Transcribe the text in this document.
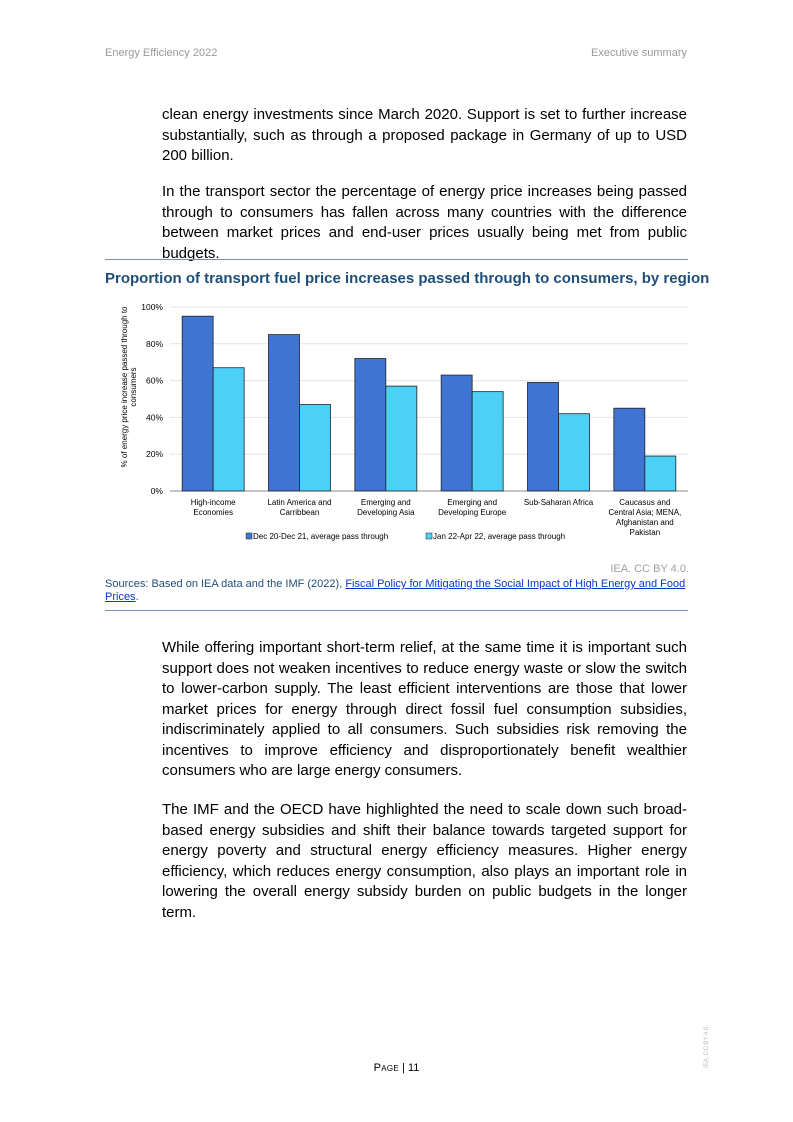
Energy Efficiency 2022	Executive summary

clean energy investments since March 2020. Support is set to further increase substantially, such as through a proposed package in Germany of up to USD 200 billion.

In the transport sector the percentage of energy price increases being passed through to consumers has fallen across many countries with the difference between market prices and end-user prices usually being met from public budgets.

Proportion of transport fuel price increases passed through to consumers, by region
% of energy price increase passed through toconsumers
0%
20%
40%
60%
80%
100%
High-income Economies
Latin America and Carribbean
Emerging and Developing Asia
Emerging and Developing Europe
Sub-Saharan Africa	Caucasus and Central Asia; MENA, Afghanistan and Pakistan
Dec 20-Dec 21, average pass through	Jan 22-Apr 22, average pass through
IEA. CC BY 4.0.
Sources: Based on IEA data and the IMF (2022), Fiscal Policy for Mitigating the Social Impact of High Energy and Food Prices.

While offering important short-term relief, at the same time it is important such support does not weaken incentives to reduce energy waste or slow the switch to lower-carbon supply. The least efficient interventions are those that lower market prices for energy through direct fossil fuel consumption subsidies, indiscriminately applied to all consumers. Such subsidies risk removing the incentives to improve efficiency and disproportionately benefit wealthier consumers who are large energy consumers.

The IMF and the OECD have highlighted the need to scale down such broad-based energy subsidies and shift their balance towards targeted support for energy poverty and structural energy efficiency measures. Higher energy efficiency, which reduces energy consumption, also plays an important role in lowering the overall energy subsidy burden on public budgets in the longer term.

Page | 11	IEA. CC BY 4.0.
